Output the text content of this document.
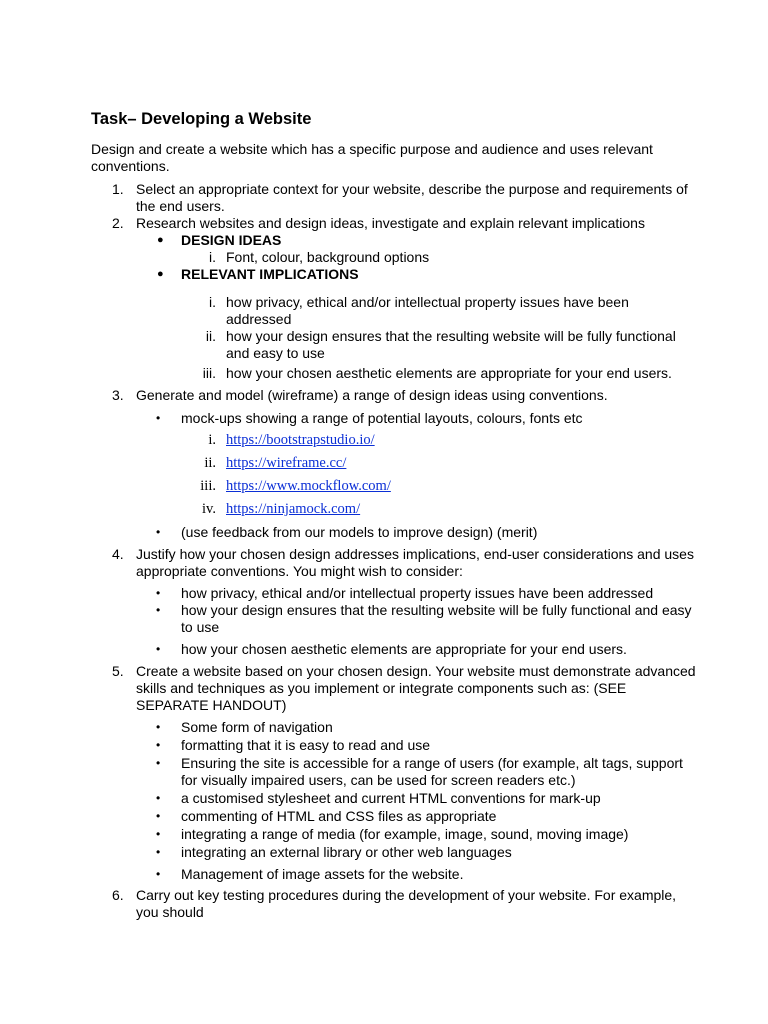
Task– Developing a Website

Design and create a website which has a specific purpose and audience and uses relevant conventions.

1. Select an appropriate context for your website, describe the purpose and requirements of the end users.
2. Research websites and design ideas, investigate and explain relevant implications
● DESIGN IDEAS
i. Font, colour, background options
● RELEVANT IMPLICATIONS
i. how privacy, ethical and/or intellectual property issues have been addressed
ii. how your design ensures that the resulting website will be fully functional and easy to use
iii. how your chosen aesthetic elements are appropriate for your end users.
3. Generate and model (wireframe) a range of design ideas using conventions.
• mock-ups showing a range of potential layouts, colours, fonts etc
i. https://bootstrapstudio.io/
ii. https://wireframe.cc/
iii. https://www.mockflow.com/
iv. https://ninjamock.com/
• (use feedback from our models to improve design) (merit)
4. Justify how your chosen design addresses implications, end-user considerations and uses appropriate conventions. You might wish to consider:
• how privacy, ethical and/or intellectual property issues have been addressed
• how your design ensures that the resulting website will be fully functional and easy to use
• how your chosen aesthetic elements are appropriate for your end users.
5. Create a website based on your chosen design. Your website must demonstrate advanced skills and techniques as you implement or integrate components such as: (SEE SEPARATE HANDOUT)
• Some form of navigation
• formatting that it is easy to read and use
• Ensuring the site is accessible for a range of users (for example, alt tags, support for visually impaired users, can be used for screen readers etc.)
• a customised stylesheet and current HTML conventions for mark-up
• commenting of HTML and CSS files as appropriate
• integrating a range of media (for example, image, sound, moving image)
• integrating an external library or other web languages
• Management of image assets for the website.
6. Carry out key testing procedures during the development of your website. For example, you should
